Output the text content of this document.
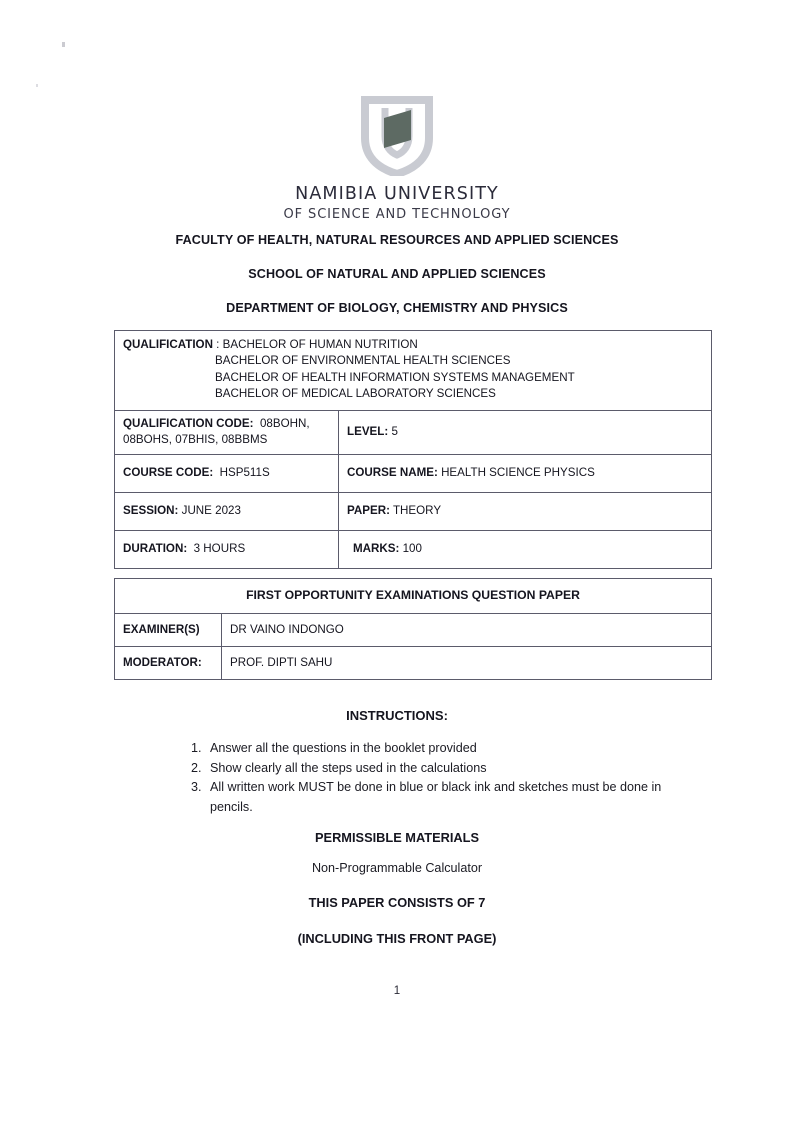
NAMIBIA UNIVERSITY
OF SCIENCE AND TECHNOLOGY
FACULTY OF HEALTH, NATURAL RESOURCES AND APPLIED SCIENCES
SCHOOL OF NATURAL AND APPLIED SCIENCES
DEPARTMENT OF BIOLOGY, CHEMISTRY AND PHYSICS
QUALIFICATION : BACHELOR OF HUMAN NUTRITION
BACHELOR OF ENVIRONMENTAL HEALTH SCIENCES
BACHELOR OF HEALTH INFORMATION SYSTEMS MANAGEMENT
BACHELOR OF MEDICAL LABORATORY SCIENCES	

QUALIFICATION CODE: 08BOHN,
08BOHS, 07BHIS, 08BBMS	LEVEL: 5
COURSE CODE: HSP511S	COURSE NAME: HEALTH SCIENCE PHYSICS
SESSION: JUNE 2023	PAPER: THEORY
DURATION: 3 HOURS	MARKS: 100
FIRST OPPORTUNITY EXAMINATIONS QUESTION PAPER	
EXAMINER(S)	DR VAINO INDONGO
MODERATOR:	PROF. DIPTI SAHU
INSTRUCTIONS:
1. Answer all the questions in the booklet provided
2. Show clearly all the steps used in the calculations
3. All written work MUST be done in blue or black ink and sketches must be done in pencils.
PERMISSIBLE MATERIALS
Non-Programmable Calculator
THIS PAPER CONSISTS OF 7
(INCLUDING THIS FRONT PAGE)
1
